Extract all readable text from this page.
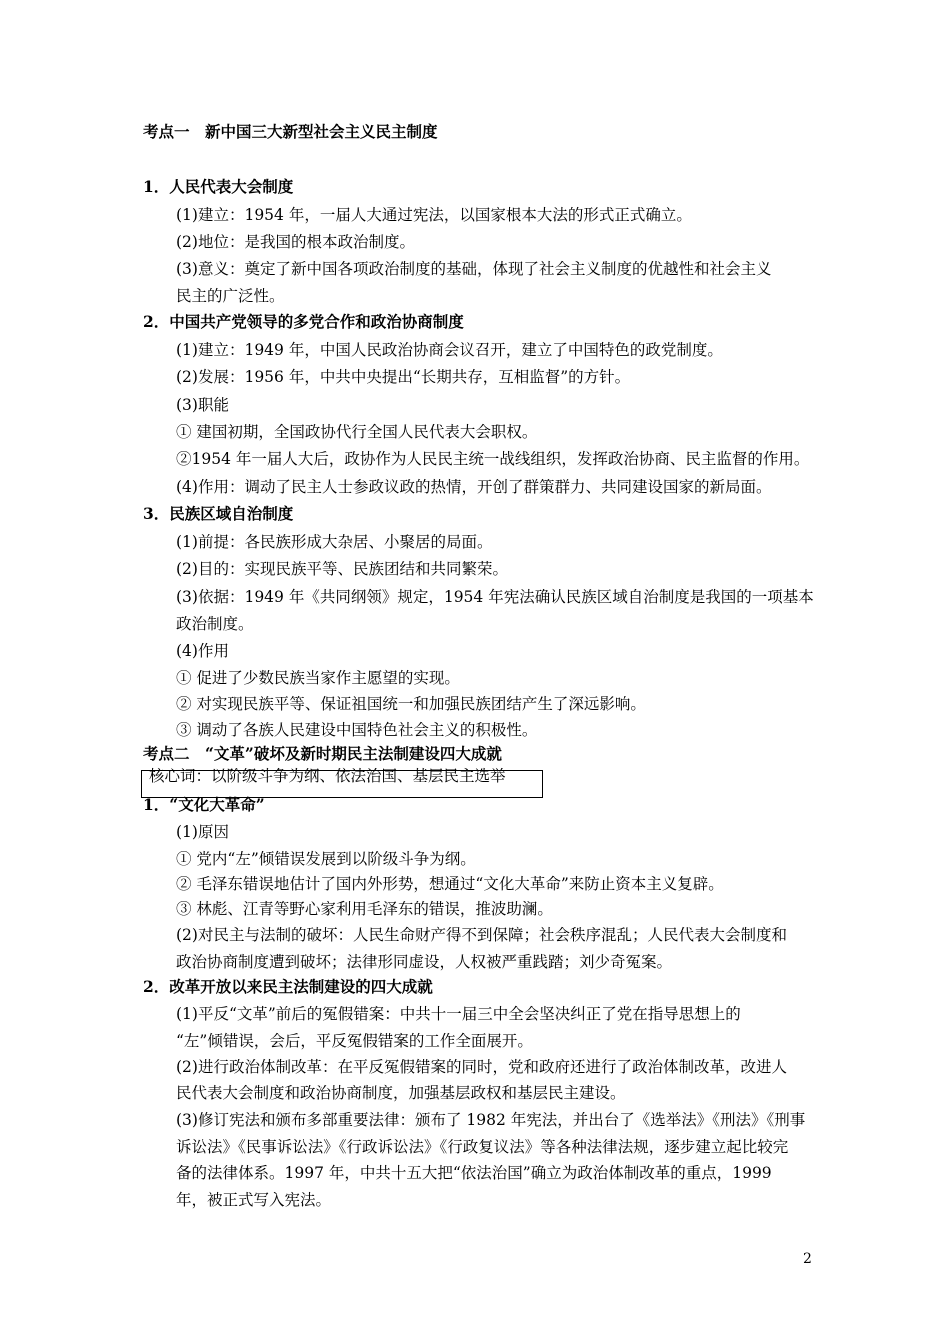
考点一　新中国三大新型社会主义民主制度
1．人民代表大会制度
(1)建立：1954 年，一届人大通过宪法，以国家根本大法的形式正式确立。
(2)地位：是我国的根本政治制度。
(3)意义：奠定了新中国各项政治制度的基础，体现了社会主义制度的优越性和社会主义
民主的广泛性。
2．中国共产党领导的多党合作和政治协商制度
(1)建立：1949 年，中国人民政治协商会议召开，建立了中国特色的政党制度。
(2)发展：1956 年，中共中央提出“长期共存，互相监督”的方针。
(3)职能
① 建国初期，全国政协代行全国人民代表大会职权。
②1954 年一届人大后，政协作为人民民主统一战线组织，发挥政治协商、民主监督的作用。
(4)作用：调动了民主人士参政议政的热情，开创了群策群力、共同建设国家的新局面。
3．民族区域自治制度
(1)前提：各民族形成大杂居、小聚居的局面。
(2)目的：实现民族平等、民族团结和共同繁荣。
(3)依据：1949 年《共同纲领》规定，1954 年宪法确认民族区域自治制度是我国的一项基本
政治制度。
(4)作用
① 促进了少数民族当家作主愿望的实现。
② 对实现民族平等、保证祖国统一和加强民族团结产生了深远影响。
③ 调动了各族人民建设中国特色社会主义的积极性。
考点二　“文革”破坏及新时期民主法制建设四大成就
核心词：以阶级斗争为纲、依法治国、基层民主选举
1．“文化大革命”
(1)原因
① 党内“左”倾错误发展到以阶级斗争为纲。
② 毛泽东错误地估计了国内外形势，想通过“文化大革命”来防止资本主义复辟。
③ 林彪、江青等野心家利用毛泽东的错误，推波助澜。
(2)对民主与法制的破坏：人民生命财产得不到保障；社会秩序混乱；人民代表大会制度和
政治协商制度遭到破坏；法律形同虚设，人权被严重践踏；刘少奇冤案。
2．改革开放以来民主法制建设的四大成就
(1)平反“文革”前后的冤假错案：中共十一届三中全会坚决纠正了党在指导思想上的
“左”倾错误，会后，平反冤假错案的工作全面展开。
(2)进行政治体制改革：在平反冤假错案的同时，党和政府还进行了政治体制改革，改进人
民代表大会制度和政治协商制度，加强基层政权和基层民主建设。
(3)修订宪法和颁布多部重要法律：颁布了 1982 年宪法，并出台了《选举法》《刑法》《刑事
诉讼法》《民事诉讼法》《行政诉讼法》《行政复议法》等各种法律法规，逐步建立起比较完
备的法律体系。1997 年，中共十五大把“依法治国”确立为政治体制改革的重点，1999
年，被正式写入宪法。
2
